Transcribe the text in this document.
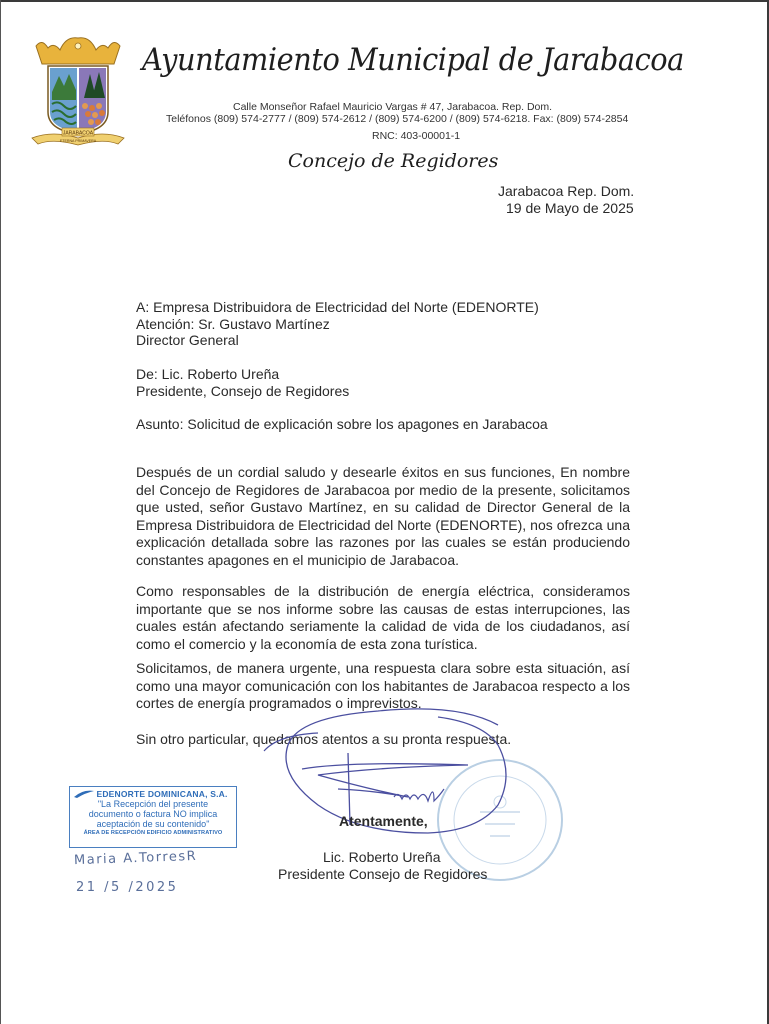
JARABACOA
ETERNA PRIMAVERA
Ayuntamiento Municipal de Jarabacoa
Calle Monseñor Rafael Mauricio Vargas # 47, Jarabacoa. Rep. Dom.
Teléfonos (809) 574-2777 / (809) 574-2612 / (809) 574-6200 / (809) 574-6218. Fax: (809) 574-2854
RNC: 403-00001-1
Concejo de Regidores
Jarabacoa Rep. Dom.
19 de Mayo de 2025
A: Empresa Distribuidora de Electricidad del Norte (EDENORTE)
Atención: Sr. Gustavo Martínez
Director General
De: Lic. Roberto Ureña
Presidente, Consejo de Regidores
Asunto: Solicitud de explicación sobre los apagones en Jarabacoa
Después de un cordial saludo y desearle éxitos en sus funciones, En nombre del Concejo de Regidores de Jarabacoa por medio de la presente, solicitamos que usted, señor Gustavo Martínez, en su calidad de Director General de la Empresa Distribuidora de Electricidad del Norte (EDENORTE), nos ofrezca una explicación detallada sobre las razones por las cuales se están produciendo constantes apagones en el municipio de Jarabacoa.
Como responsables de la distribución de energía eléctrica, consideramos importante que se nos informe sobre las causas de estas interrupciones, las cuales están afectando seriamente la calidad de vida de los ciudadanos, así como el comercio y la economía de esta zona turística.
Solicitamos, de manera urgente, una respuesta clara sobre esta situación, así como una mayor comunicación con los habitantes de Jarabacoa respecto a los cortes de energía programados o imprevistos.
Sin otro particular, quedamos atentos a su pronta respuesta.
Atentamente,
Lic. Roberto Ureña
Presidente Consejo de Regidores
EDENORTE DOMINICANA, S.A.
"La Recepción del presente
documento o factura NO implica
aceptación de su contenido"
ÁREA DE RECEPCIÓN EDIFICIO ADMINISTRATIVO
Maria A.TorresR
21 /5 /2025
